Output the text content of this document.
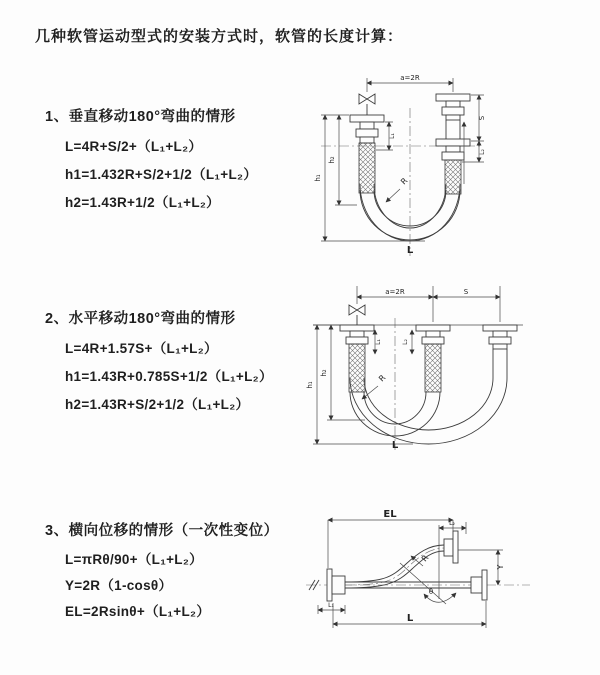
几种软管运动型式的安装方式时，软管的长度计算：
1、垂直移动180°弯曲的情形
L=4R+S/2+（L₁+L₂）
h1=1.432R+S/2+1/2（L₁+L₂）
h2=1.43R+1/2（L₁+L₂）
2、水平移动180°弯曲的情形
L=4R+1.57S+（L₁+L₂）
h1=1.43R+0.785S+1/2（L₁+L₂）
h2=1.43R+S/2+1/2（L₁+L₂）
3、横向位移的情形（一次性变位）
L=πRθ/90+（L₁+L₂）
Y=2R（1-cosθ）
EL=2Rsinθ+（L₁+L₂）
a=2R
h₁
h₂
L₁
S
L₂
R
L
a=2R	S
h₁
h₂
L₁	L₂
R
L
EL
L₂
Y
L
L₁
R
θ
